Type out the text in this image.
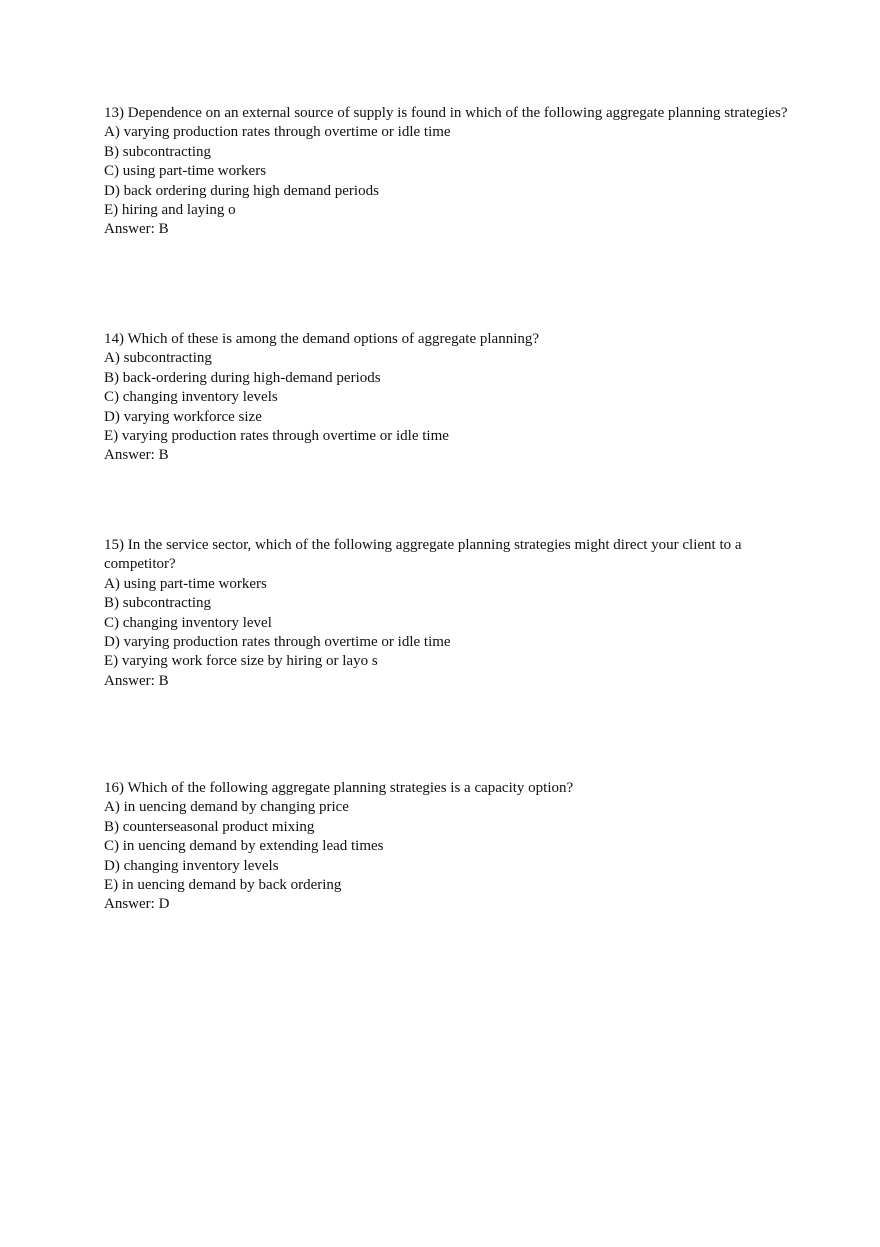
13) Dependence on an external source of supply is found in which of the following aggregate planning strategies?
A) varying production rates through overtime or idle time
B) subcontracting
C) using part-time workers
D) back ordering during high demand periods
E) hiring and laying o
Answer: B
14) Which of these is among the demand options of aggregate planning?
A) subcontracting
B) back-ordering during high-demand periods
C) changing inventory levels
D) varying workforce size
E) varying production rates through overtime or idle time
Answer: B
15) In the service sector, which of the following aggregate planning strategies might direct your client to a competitor?
A) using part-time workers
B) subcontracting
C) changing inventory level
D) varying production rates through overtime or idle time
E) varying work force size by hiring or layo s
Answer: B
16) Which of the following aggregate planning strategies is a capacity option?
A) in uencing demand by changing price
B) counterseasonal product mixing
C) in uencing demand by extending lead times
D) changing inventory levels
E) in uencing demand by back ordering
Answer: D
